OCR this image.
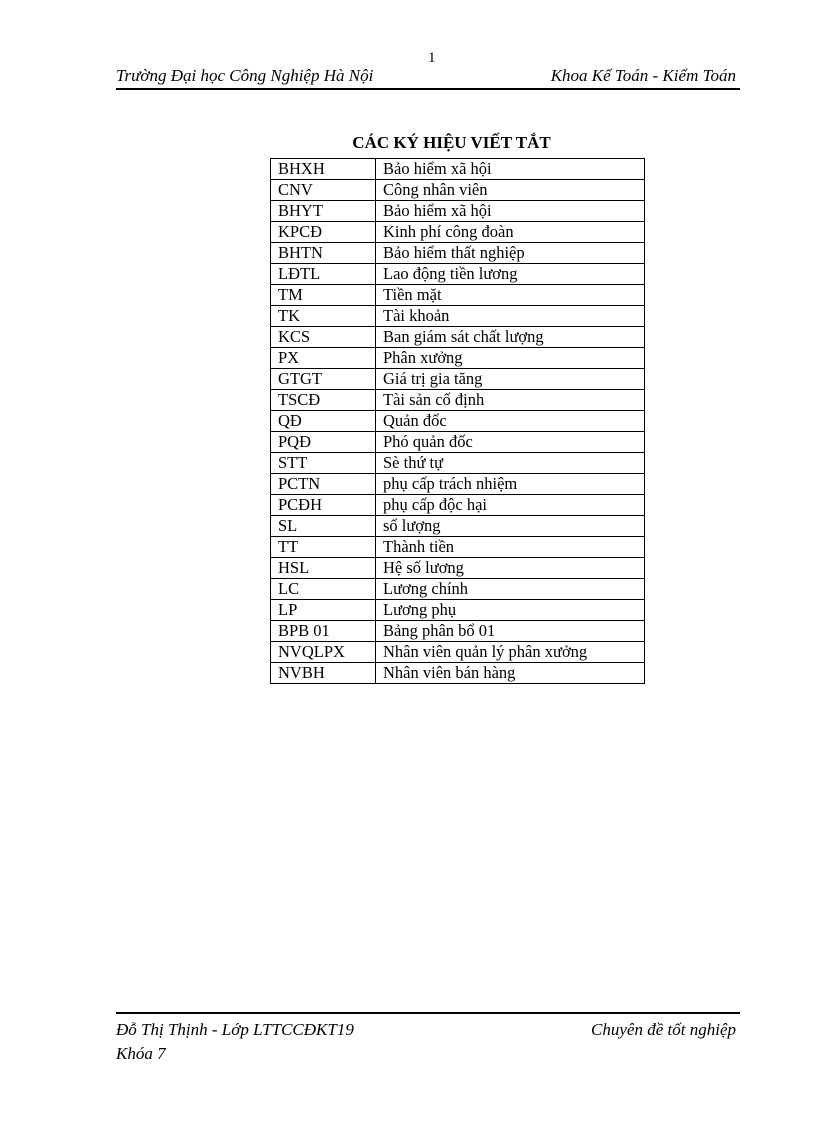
1
Trường Đại học Công Nghiệp Hà Nội	Khoa Kế Toán - Kiểm Toán
CÁC KÝ HIỆU VIẾT TẮT
BHXH	Bảo hiểm xã hội
CNV	Công nhân viên
BHYT	Bảo hiểm xã hội
KPCĐ	Kinh phí công đoàn
BHTN	Bảo hiểm thất nghiệp
LĐTL	Lao động tiền lương
TM	Tiền mặt
TK	Tài khoản
KCS	Ban giám sát chất lượng
PX	Phân xưởng
GTGT	Giá trị gia tăng
TSCĐ	Tài sản cố định
QĐ	Quản đốc
PQĐ	Phó quản đốc
STT	Sè thứ tự
PCTN	phụ cấp trách nhiệm
PCĐH	phụ cấp độc hại
SL	số lượng
TT	Thành tiền
HSL	Hệ số lương
LC	Lương chính
LP	Lương phụ
BPB 01	Bảng phân bổ 01
NVQLPX	Nhân viên quản lý phân xưởng
NVBH	Nhân viên bán hàng
Đỗ Thị Thịnh - Lớp LTTCCĐKT19
Khóa 7
Chuyên đề tốt nghiệp
